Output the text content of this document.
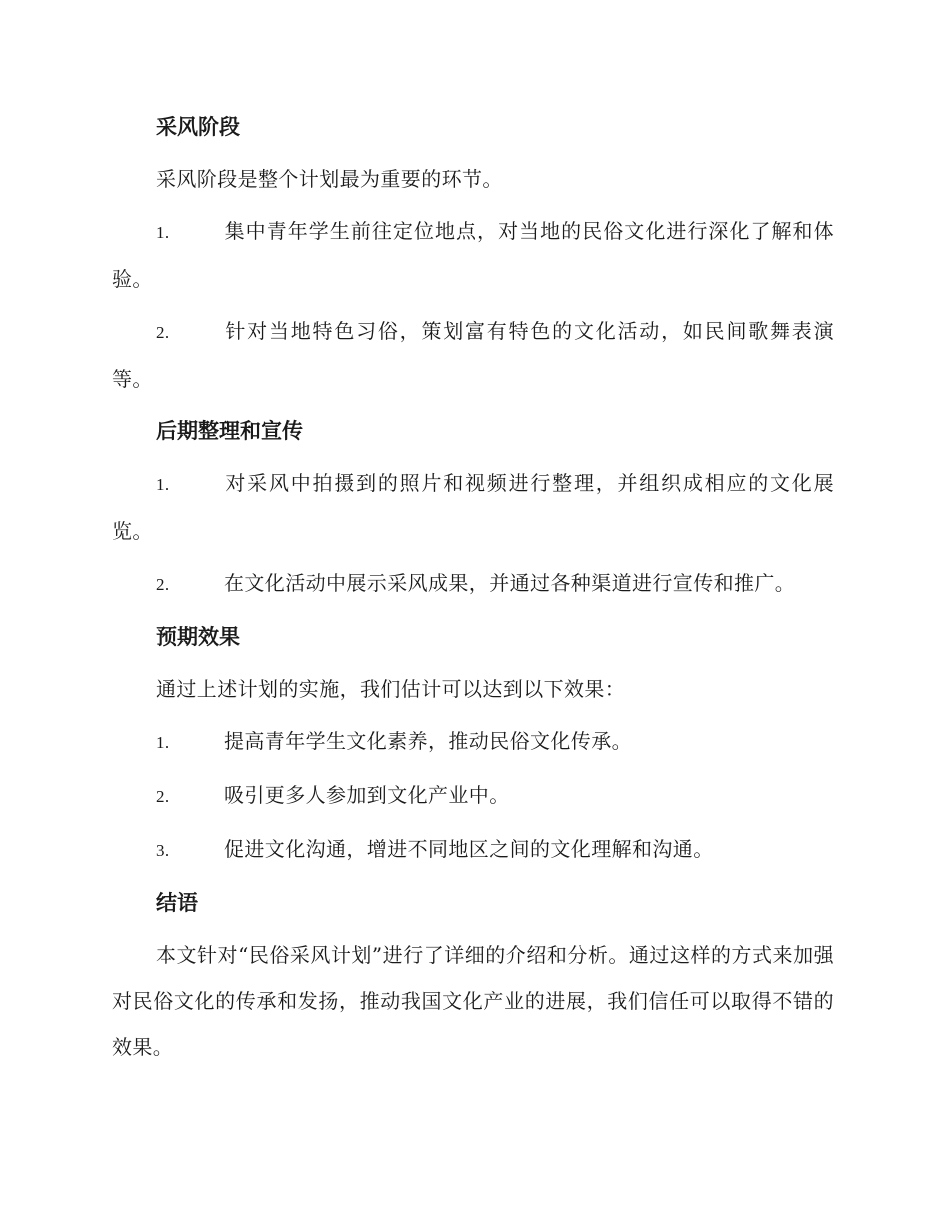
采风阶段

采风阶段是整个计划最为重要的环节。

1.	集中青年学生前往定位地点，对当地的民俗文化进行深化了解和体验。

2.	针对当地特色习俗，策划富有特色的文化活动，如民间歌舞表演等。

后期整理和宣传

1.	对采风中拍摄到的照片和视频进行整理，并组织成相应的文化展览。

2.	在文化活动中展示采风成果，并通过各种渠道进行宣传和推广。

预期效果

通过上述计划的实施，我们估计可以达到以下效果：

1.	提高青年学生文化素养，推动民俗文化传承。

2.	吸引更多人参加到文化产业中。

3.	促进文化沟通，增进不同地区之间的文化理解和沟通。

结语

本文针对“民俗采风计划”进行了详细的介绍和分析。通过这样的方式来加强对民俗文化的传承和发扬，推动我国文化产业的进展，我们信任可以取得不错的效果。
